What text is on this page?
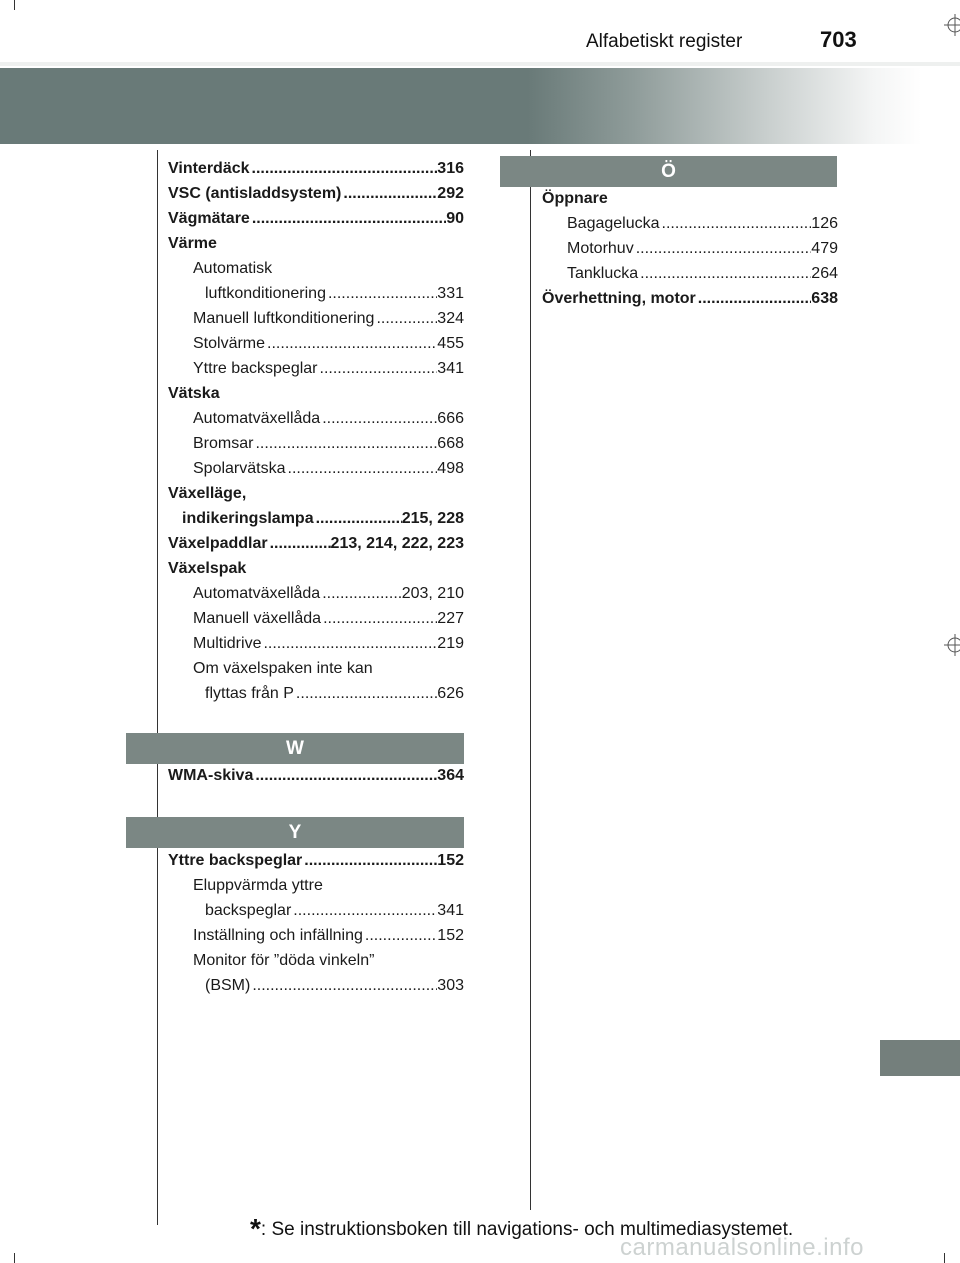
Alfabetiskt register	703
Vinterdäck .....	316
VSC (antisladdsystem) .....	292
Vägmätare .....	90
Värme
Automatisk
luftkonditionering .....	331
Manuell luftkonditionering .....	324
Stolvärme .....	455
Yttre backspeglar .....	341
Vätska
Automatväxellåda .....	666
Bromsar .....	668
Spolarvätska .....	498
Växelläge,
indikeringslampa .....	215, 228
Växelpaddlar .....	213, 214, 222, 223
Växelspak
Automatväxellåda .....	203, 210
Manuell växellåda .....	227
Multidrive .....	219
Om växelspaken inte kan
flyttas från P .....	626
W
WMA-skiva .....	364
Y
Yttre backspeglar .....	152
Eluppvärmda yttre
backspeglar .....	341
Inställning och infällning .....	152
Monitor för ”döda vinkeln”
(BSM) .....	303
Ö
Öppnare
Bagagelucka .....	126
Motorhuv .....	479
Tanklucka .....	264
Överhettning, motor .....	638
*: Se instruktionsboken till navigations- och multimediasystemet.
carmanualsonline.info
